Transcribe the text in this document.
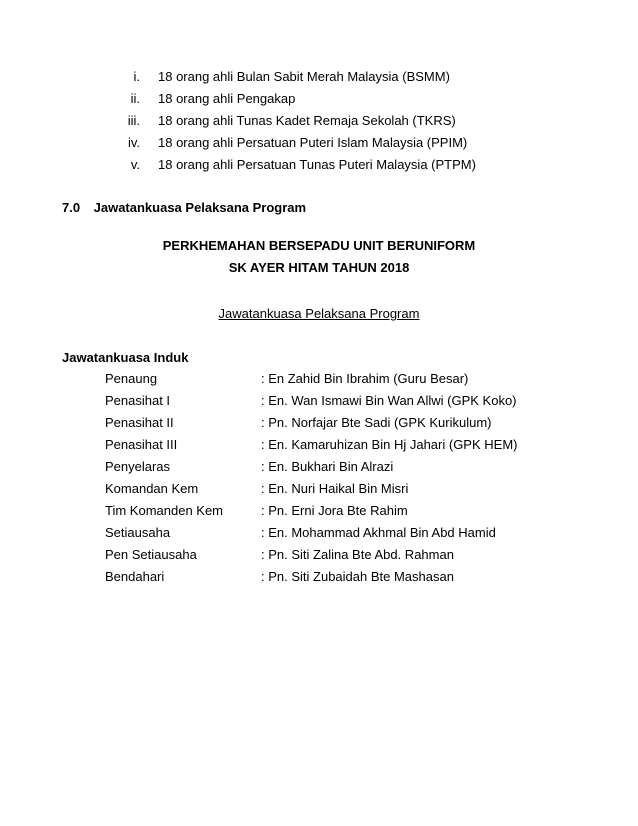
i. 18 orang ahli Bulan Sabit Merah Malaysia (BSMM)
ii. 18 orang ahli Pengakap
iii. 18 orang ahli Tunas Kadet Remaja Sekolah (TKRS)
iv. 18 orang ahli Persatuan Puteri Islam Malaysia (PPIM)
v. 18 orang ahli Persatuan Tunas Puteri Malaysia (PTPM)
7.0 Jawatankuasa Pelaksana Program
PERKHEMAHAN BERSEPADU UNIT BERUNIFORM
SK AYER HITAM TAHUN 2018
Jawatankuasa Pelaksana Program
Jawatankuasa Induk
Penaung	: En Zahid Bin Ibrahim (Guru Besar)
Penasihat I	: En. Wan Ismawi Bin Wan Allwi (GPK Koko)
Penasihat II	: Pn. Norfajar Bte Sadi (GPK Kurikulum)
Penasihat III	: En. Kamaruhizan Bin Hj Jahari (GPK HEM)
Penyelaras	: En. Bukhari Bin Alrazi
Komandan Kem	: En. Nuri Haikal Bin Misri
Tim Komanden Kem	: Pn. Erni Jora Bte Rahim
Setiausaha	: En. Mohammad Akhmal Bin Abd Hamid
Pen Setiausaha	: Pn. Siti Zalina Bte Abd. Rahman
Bendahari	: Pn. Siti Zubaidah Bte Mashasan
